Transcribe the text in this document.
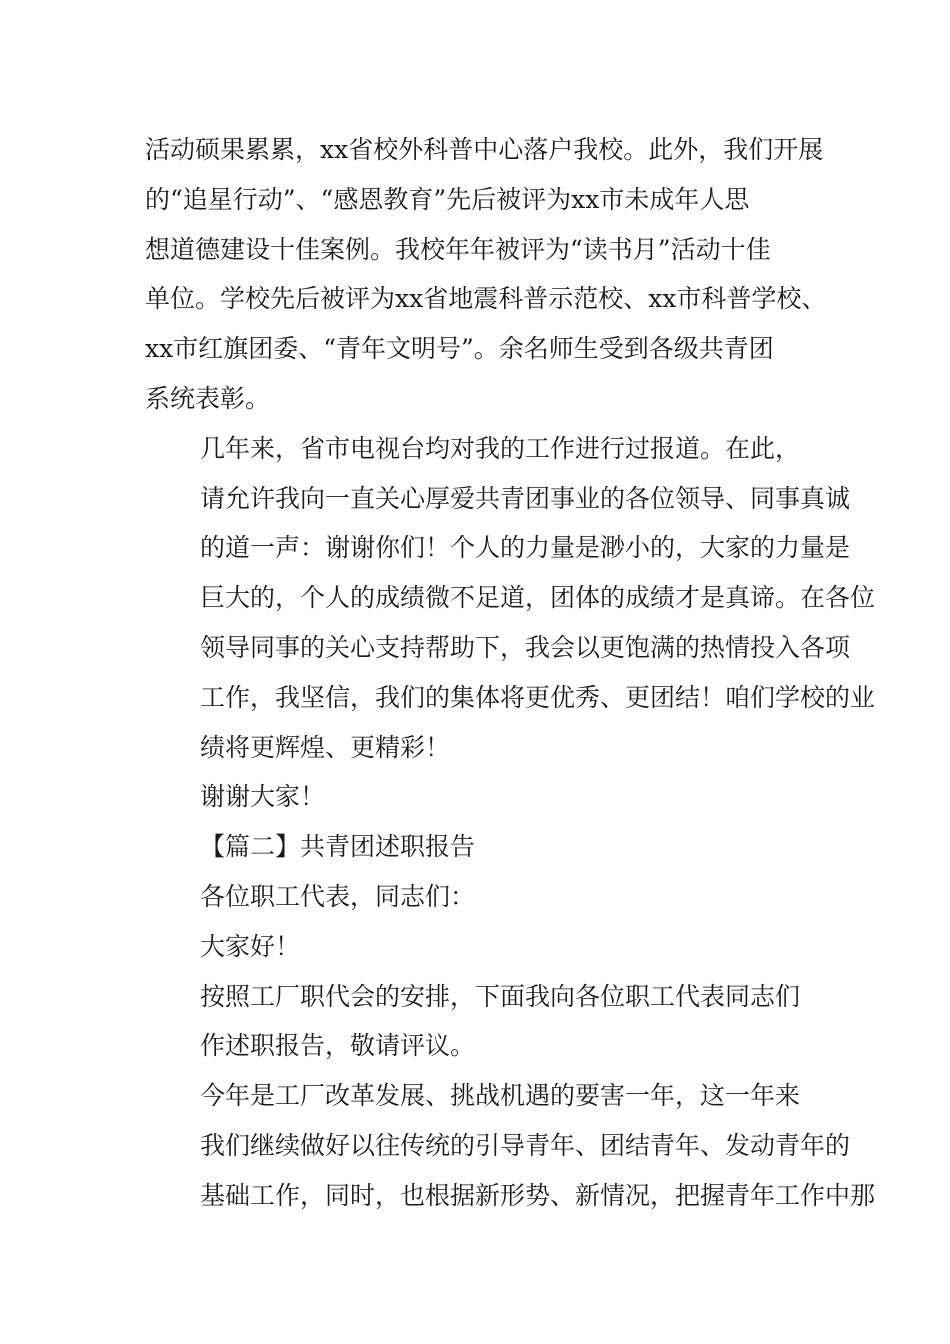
活动硕果累累，xx省校外科普中心落户我校。此外，我们开展
的“追星行动”、“感恩教育”先后被评为xx市未成年人思
想道德建设十佳案例。我校年年被评为“读书月”活动十佳
单位。学校先后被评为xx省地震科普示范校、xx市科普学校、
xx市红旗团委、“青年文明号”。余名师生受到各级共青团
系统表彰。

几年来，省市电视台均对我的工作进行过报道。在此，
请允许我向一直关心厚爱共青团事业的各位领导、同事真诚
的道一声：谢谢你们！个人的力量是渺小的，大家的力量是
巨大的，个人的成绩微不足道，团体的成绩才是真谛。在各位
领导同事的关心支持帮助下，我会以更饱满的热情投入各项
工作，我坚信，我们的集体将更优秀、更团结！咱们学校的业
绩将更辉煌、更精彩！

谢谢大家！

【篇二】共青团述职报告

各位职工代表，同志们：

大家好！

按照工厂职代会的安排，下面我向各位职工代表同志们
作述职报告，敬请评议。

今年是工厂改革发展、挑战机遇的要害一年，这一年来
我们继续做好以往传统的引导青年、团结青年、发动青年的
基础工作，同时，也根据新形势、新情况，把握青年工作中那
